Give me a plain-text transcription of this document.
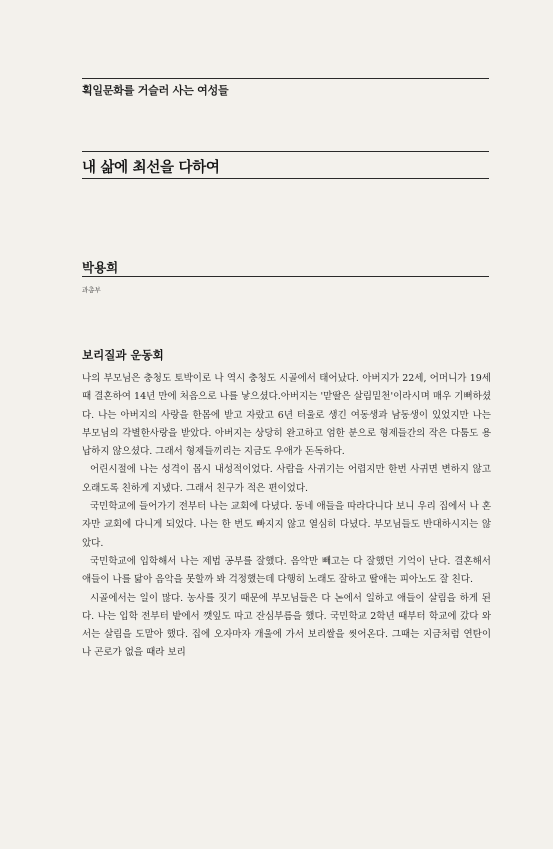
획일문화를 거슬러 사는 여성들
내 삶에 최선을 다하여
박용희
과총부
보리질과 운동회

나의 부모님은 충청도 토박이로 나 역시 충청도 시골에서 태어났다. 아버지가 22세, 어머니가 19세 때 결혼하여 14년 만에 처음으로 나를 낳으셨다.아버지는 '맏딸은 살림밑천'이라시며 매우 기뻐하셨다. 나는 아버지의 사랑을 한몸에 받고 자랐고 6년 터울로 생긴 여동생과 남동생이 있었지만 나는 부모님의 각별한사랑을 받았다. 아버지는 상당히 완고하고 엄한 분으로 형제들간의 작은 다툼도 용납하지 않으셨다. 그래서 형제들끼리는 지금도 우애가 돈독하다.

어린시절에 나는 성격이 몹시 내성적이었다. 사람을 사귀기는 어렵지만 한번 사귀면 변하지 않고 오래도록 친하게 지냈다. 그래서 친구가 적은 편이었다.

국민학교에 들어가기 전부터 나는 교회에 다녔다. 동네 애들을 따라다니다 보니 우리 집에서 나 혼자만 교회에 다니게 되었다. 나는 한 번도 빠지지 않고 열심히 다녔다. 부모님들도 반대하시지는 않았다.

국민학교에 입학해서 나는 제법 공부를 잘했다. 음악만 빼고는 다 잘했던 기억이 난다. 결혼해서 애들이 나를 닮아 음악을 못할까 봐 걱정했는데 다행히 노래도 잘하고 딸애는 피아노도 잘 친다.

시골에서는 일이 많다. 농사를 짓기 때문에 부모님들은 다 논에서 일하고 애들이 살림을 하게 된다. 나는 입학 전부터 밭에서 깻잎도 따고 잔심부름을 했다. 국민학교 2학년 때부터 학교에 갔다 와서는 살림을 도맡아 했다. 집에 오자마자 개울에 가서 보리쌀을 씻어온다. 그때는 지금처럼 연탄이나 곤로가 없을 때라 보리
